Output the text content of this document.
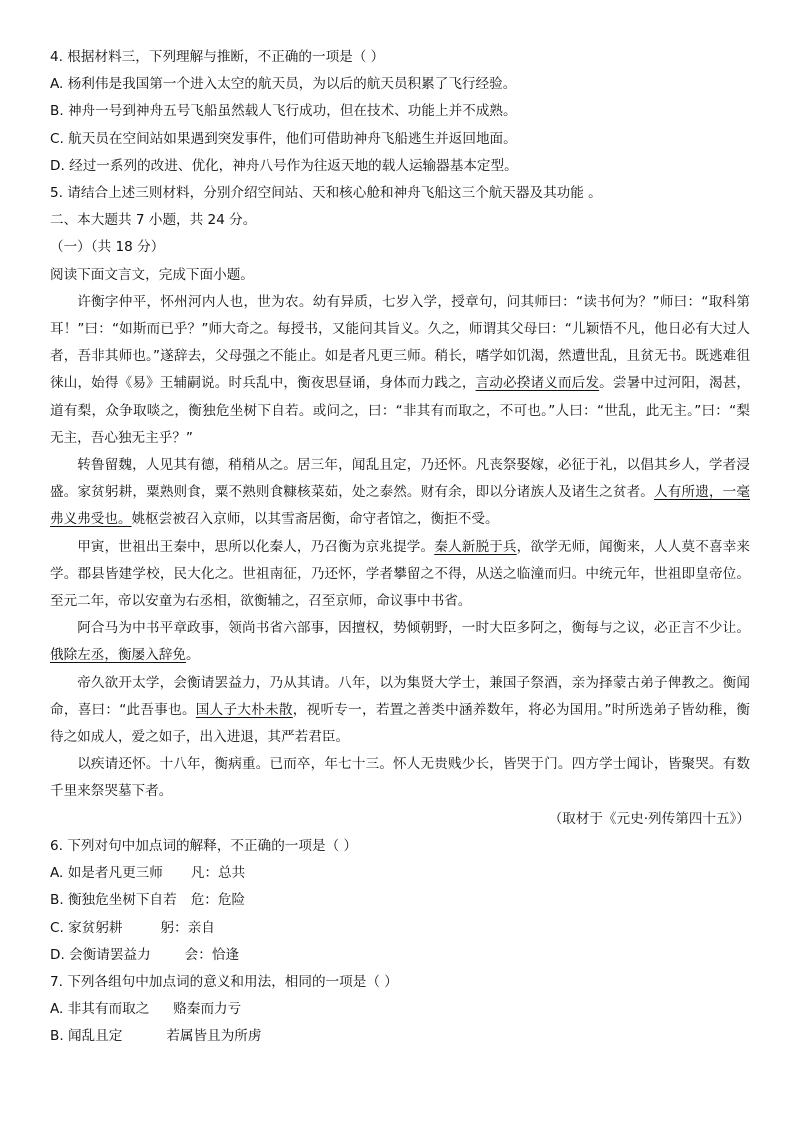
4. 根据材料三，下列理解与推断，不正确的一项是（ ）
A. 杨利伟是我国第一个进入太空的航天员，为以后的航天员积累了飞行经验。
B. 神舟一号到神舟五号飞船虽然载人飞行成功，但在技术、功能上并不成熟。
C. 航天员在空间站如果遇到突发事件，他们可借助神舟飞船逃生并返回地面。
D. 经过一系列的改进、优化，神舟八号作为往返天地的载人运输器基本定型。
5. 请结合上述三则材料，分别介绍空间站、天和核心舱和神舟飞船这三个航天器及其功能 。
二、本大题共 7 小题，共 24 分。
（一）（共 18 分）
阅读下面文言文，完成下面小题。

许衡字仲平，怀州河内人也，世为农。幼有异质，七岁入学，授章句，问其师曰：“读书何为？”师曰：“取科第耳！”曰：“如斯而已乎？”师大奇之。每授书，又能问其旨义。久之，师谓其父母曰：“儿颖悟不凡，他日必有大过人者，吾非其师也。”遂辞去，父母强之不能止。如是者凡更三师。稍长，嗜学如饥渴，然遭世乱，且贫无书。既逃难徂徕山，始得《易》王辅嗣说。时兵乱中，衡夜思昼诵，身体而力践之，言动必揆诸义而后发。尝暑中过河阳，渴甚，道有梨，众争取啖之，衡独危坐树下自若。或问之，曰：“非其有而取之，不可也。”人曰：“世乱，此无主。”曰：“梨无主，吾心独无主乎？”

转鲁留魏，人见其有德，稍稍从之。居三年，闻乱且定，乃还怀。凡丧祭娶嫁，必征于礼，以倡其乡人，学者浸盛。家贫躬耕，粟熟则食，粟不熟则食糠核菜茹，处之泰然。财有余，即以分诸族人及诸生之贫者。人有所遗，一毫弗义弗受也。姚枢尝被召入京师，以其雪斋居衡，命守者馆之，衡拒不受。

甲寅，世祖出王秦中，思所以化秦人，乃召衡为京兆提学。秦人新脱于兵，欲学无师，闻衡来，人人莫不喜幸来学。郡县皆建学校，民大化之。世祖南征，乃还怀，学者攀留之不得，从送之临潼而归。中统元年，世祖即皇帝位。至元二年，帝以安童为右丞相，欲衡辅之，召至京师，命议事中书省。

阿合马为中书平章政事，领尚书省六部事，因擅权，势倾朝野，一时大臣多阿之，衡每与之议，必正言不少让。俄除左丞，衡屡入辞免。

帝久欲开太学，会衡请罢益力，乃从其请。八年，以为集贤大学士，兼国子祭酒，亲为择蒙古弟子俾教之。衡闻命，喜曰：“此吾事也。国人子大朴未散，视听专一，若置之善类中涵养数年，将必为国用。”时所选弟子皆幼稚，衡待之如成人，爱之如子，出入进退，其严若君臣。

以疾请还怀。十八年，衡病重。已而卒，年七十三。怀人无贵贱少长，皆哭于门。四方学士闻讣，皆聚哭。有数千里来祭哭墓下者。

（取材于《元史·列传第四十五》）
6. 下列对句中加点词的解释，不正确的一项是（ ）
A. 如是者凡更三师 凡：总共
B. 衡独危坐树下自若 危：危险
C. 家贫躬耕	躬：亲自
D. 会衡请罢益力	会：恰逢
7. 下列各组句中加点词的意义和用法，相同的一项是（ ）
A. 非其有而取之 赂秦而力亏
B. 闻乱且定	若属皆且为所虏
